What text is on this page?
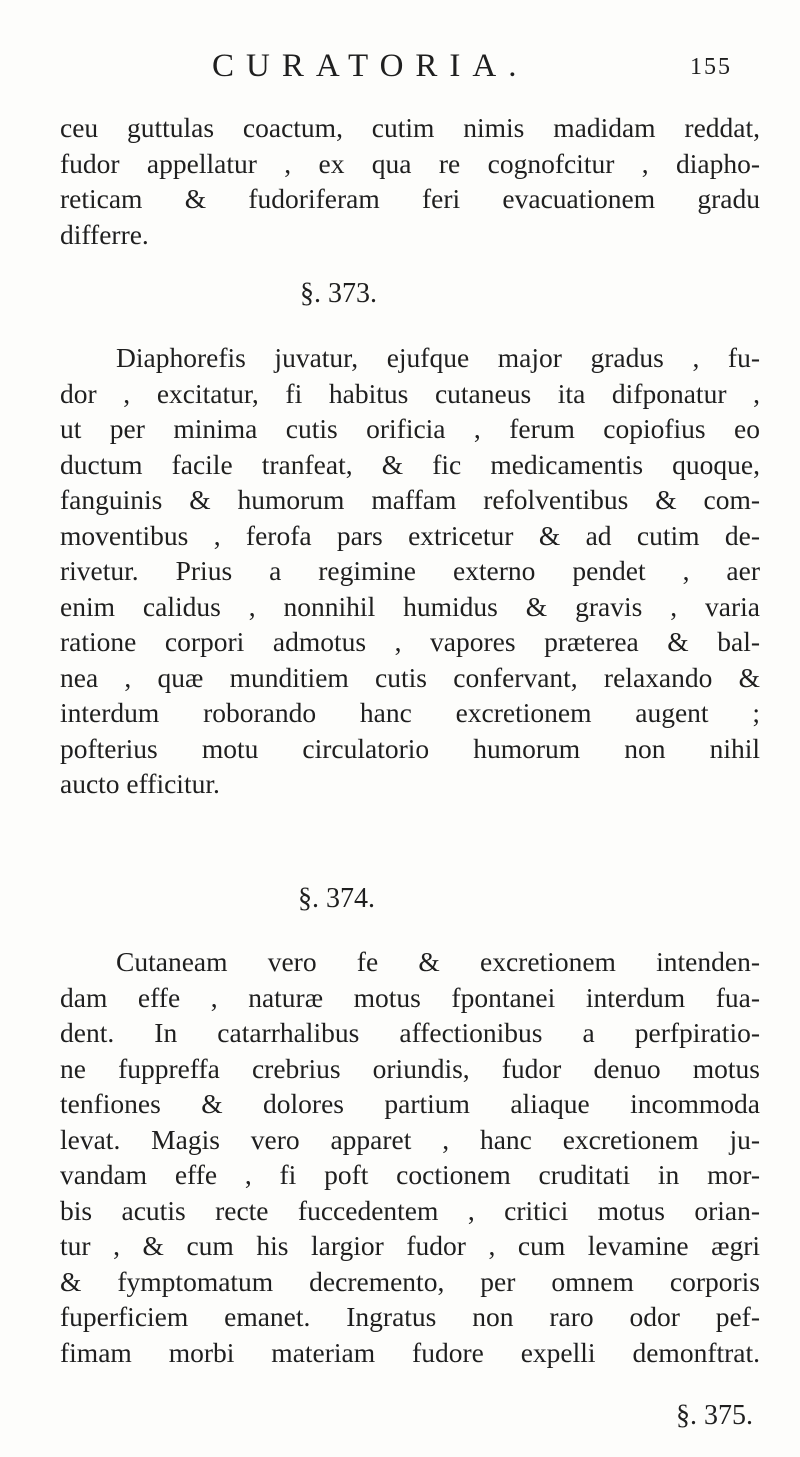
CURATORIA.	155
ceu guttulas coactum, cutim nimis madidam reddat,
fudor appellatur , ex qua re cognofcitur , diapho-
reticam & fudoriferam feri evacuationem gradu
differre.
§. 373.
Diaphorefis juvatur, ejufque major gradus , fu-
dor , excitatur, fi habitus cutaneus ita difponatur ,
ut per minima cutis orificia , ferum copiofius eo
ductum facile tranfeat, & fic medicamentis quoque,
fanguinis & humorum maffam refolventibus & com-
moventibus , ferofa pars extricetur & ad cutim de-
rivetur. Prius a regimine externo pendet , aer
enim calidus , nonnihil humidus & gravis , varia
ratione corpori admotus , vapores præterea & bal-
nea , quæ munditiem cutis confervant, relaxando &
interdum roborando hanc excretionem augent ;
pofterius motu circulatorio humorum non nihil
aucto efficitur.
§. 374.
Cutaneam vero fe & excretionem intenden-
dam effe , naturæ motus fpontanei interdum fua-
dent. In catarrhalibus affectionibus a perfpiratio-
ne fuppreffa crebrius oriundis, fudor denuo motus
tenfiones & dolores partium aliaque incommoda
levat. Magis vero apparet , hanc excretionem ju-
vandam effe , fi poft coctionem cruditati in mor-
bis acutis recte fuccedentem , critici motus orian-
tur , & cum his largior fudor , cum levamine ægri
& fymptomatum decremento, per omnem corporis
fuperficiem emanet. Ingratus non raro odor pef-
fimam morbi materiam fudore expelli demonftrat.
§. 375.
